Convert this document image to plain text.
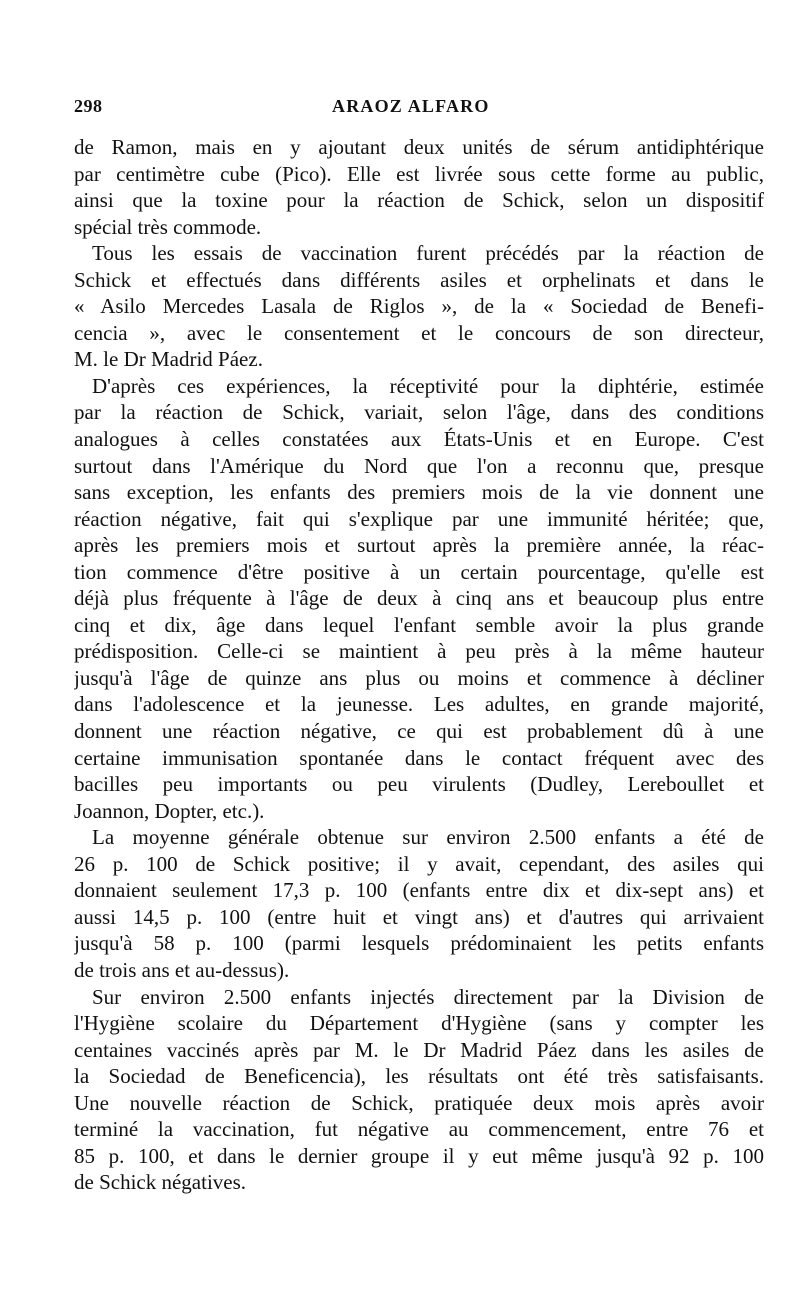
298	ARAOZ ALFARO
de Ramon, mais en y ajoutant deux unités de sérum antidiphtérique
par centimètre cube (Pico). Elle est livrée sous cette forme au public,
ainsi que la toxine pour la réaction de Schick, selon un dispositif
spécial très commode.
Tous les essais de vaccination furent précédés par la réaction de
Schick et effectués dans différents asiles et orphelinats et dans le
« Asilo Mercedes Lasala de Riglos », de la « Sociedad de Benefi-
cencia », avec le consentement et le concours de son directeur,
M. le Dr Madrid Páez.
D'après ces expériences, la réceptivité pour la diphtérie, estimée
par la réaction de Schick, variait, selon l'âge, dans des conditions
analogues à celles constatées aux États-Unis et en Europe. C'est
surtout dans l'Amérique du Nord que l'on a reconnu que, presque
sans exception, les enfants des premiers mois de la vie donnent une
réaction négative, fait qui s'explique par une immunité héritée; que,
après les premiers mois et surtout après la première année, la réac-
tion commence d'être positive à un certain pourcentage, qu'elle est
déjà plus fréquente à l'âge de deux à cinq ans et beaucoup plus entre
cinq et dix, âge dans lequel l'enfant semble avoir la plus grande
prédisposition. Celle-ci se maintient à peu près à la même hauteur
jusqu'à l'âge de quinze ans plus ou moins et commence à décliner
dans l'adolescence et la jeunesse. Les adultes, en grande majorité,
donnent une réaction négative, ce qui est probablement dû à une
certaine immunisation spontanée dans le contact fréquent avec des
bacilles peu importants ou peu virulents (Dudley, Lereboullet et
Joannon, Dopter, etc.).
La moyenne générale obtenue sur environ 2.500 enfants a été de
26 p. 100 de Schick positive; il y avait, cependant, des asiles qui
donnaient seulement 17,3 p. 100 (enfants entre dix et dix-sept ans) et
aussi 14,5 p. 100 (entre huit et vingt ans) et d'autres qui arrivaient
jusqu'à 58 p. 100 (parmi lesquels prédominaient les petits enfants
de trois ans et au-dessus).
Sur environ 2.500 enfants injectés directement par la Division de
l'Hygiène scolaire du Département d'Hygiène (sans y compter les
centaines vaccinés après par M. le Dr Madrid Páez dans les asiles de
la Sociedad de Beneficencia), les résultats ont été très satisfaisants.
Une nouvelle réaction de Schick, pratiquée deux mois après avoir
terminé la vaccination, fut négative au commencement, entre 76 et
85 p. 100, et dans le dernier groupe il y eut même jusqu'à 92 p. 100
de Schick négatives.
